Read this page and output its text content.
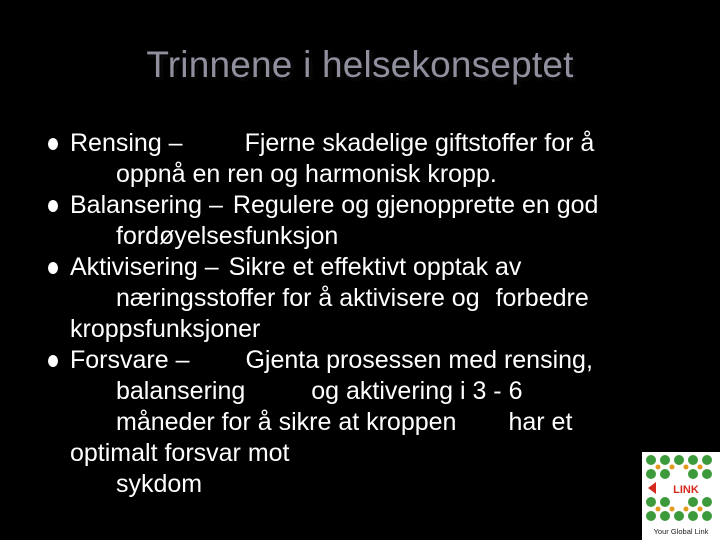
Trinnene i helsekonseptet
Rensing – Fjerne skadelige giftstoffer for å
oppnå en ren og harmonisk kropp.
Balansering – Regulere og gjenopprette en god
fordøyelsesfunksjon
Aktivisering – Sikre et effektivt opptak av
næringsstoffer for å aktivisere og forbedre
kroppsfunksjoner
Forsvare – Gjenta prosessen med rensing,
balansering	og aktivering i 3 - 6
måneder for å sikre at kroppen har et
optimalt forsvar mot
sykdom	LINK
Your Global Link
